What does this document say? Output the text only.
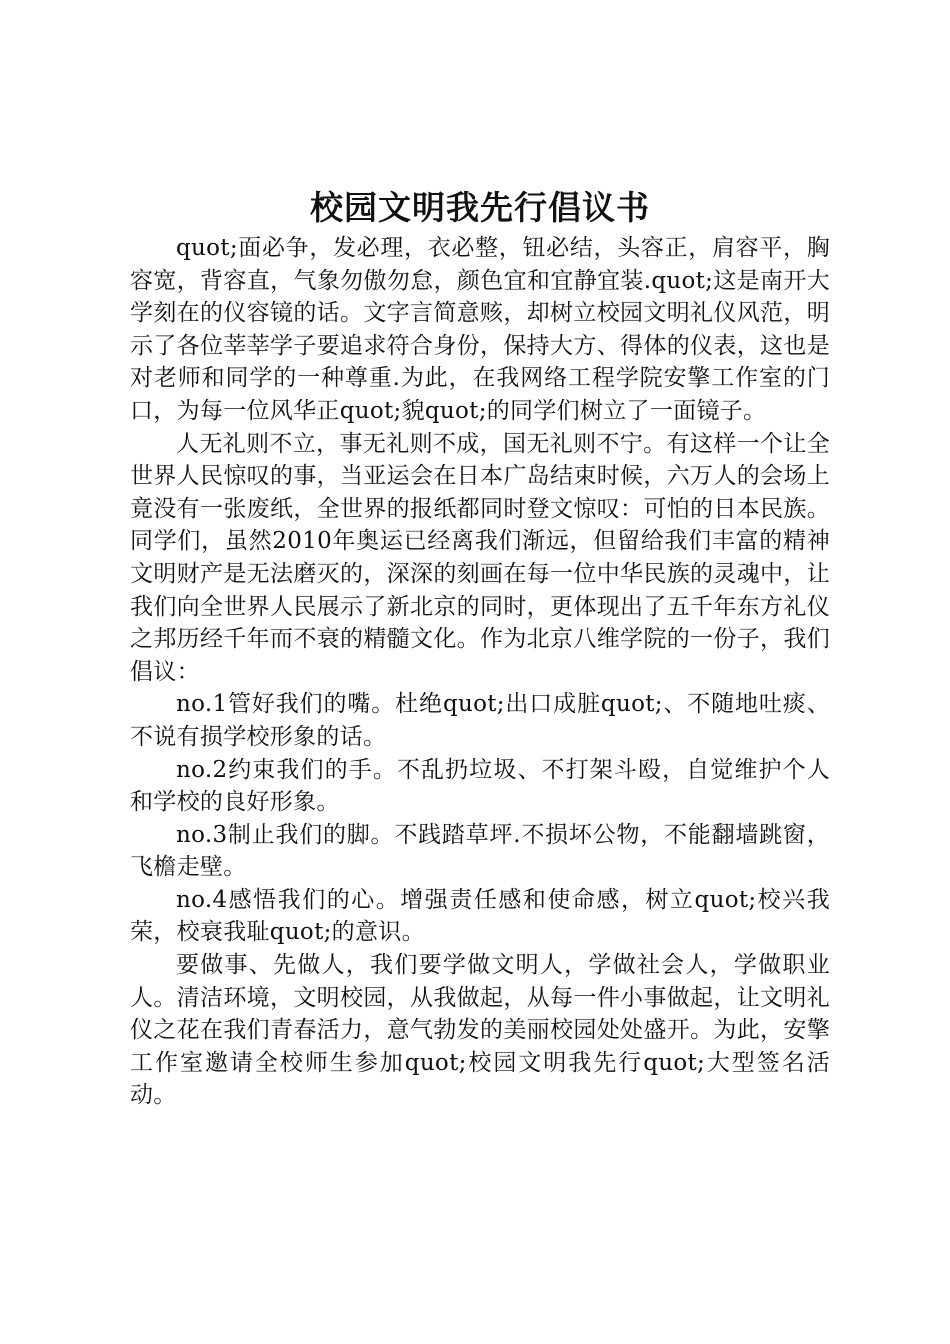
校园文明我先行倡议书

quot;面必争，发必理，衣必整，钮必结，头容正，肩容平，胸容宽，背容直，气象勿傲勿怠，颜色宜和宜静宜装.quot;这是南开大学刻在的仪容镜的话。文字言简意赅，却树立校园文明礼仪风范，明示了各位莘莘学子要追求符合身份，保持大方、得体的仪表，这也是对老师和同学的一种尊重.为此，在我网络工程学院安擎工作室的门口，为每一位风华正quot;貌quot;的同学们树立了一面镜子。

人无礼则不立，事无礼则不成，国无礼则不宁。有这样一个让全世界人民惊叹的事，当亚运会在日本广岛结束时候，六万人的会场上竟没有一张废纸，全世界的报纸都同时登文惊叹：可怕的日本民族。同学们，虽然2010年奥运已经离我们渐远，但留给我们丰富的精神文明财产是无法磨灭的，深深的刻画在每一位中华民族的灵魂中，让我们向全世界人民展示了新北京的同时，更体现出了五千年东方礼仪之邦历经千年而不衰的精髓文化。作为北京八维学院的一份子，我们倡议：

no.1管好我们的嘴。杜绝quot;出口成脏quot;、不随地吐痰、不说有损学校形象的话。

no.2约束我们的手。不乱扔垃圾、不打架斗殴，自觉维护个人和学校的良好形象。

no.3制止我们的脚。不践踏草坪.不损坏公物，不能翻墙跳窗，飞檐走壁。

no.4感悟我们的心。增强责任感和使命感，树立quot;校兴我荣，校衰我耻quot;的意识。

要做事、先做人，我们要学做文明人，学做社会人，学做职业人。清洁环境，文明校园，从我做起，从每一件小事做起，让文明礼仪之花在我们青春活力，意气勃发的美丽校园处处盛开。为此，安擎工作室邀请全校师生参加quot;校园文明我先行quot;大型签名活动。
